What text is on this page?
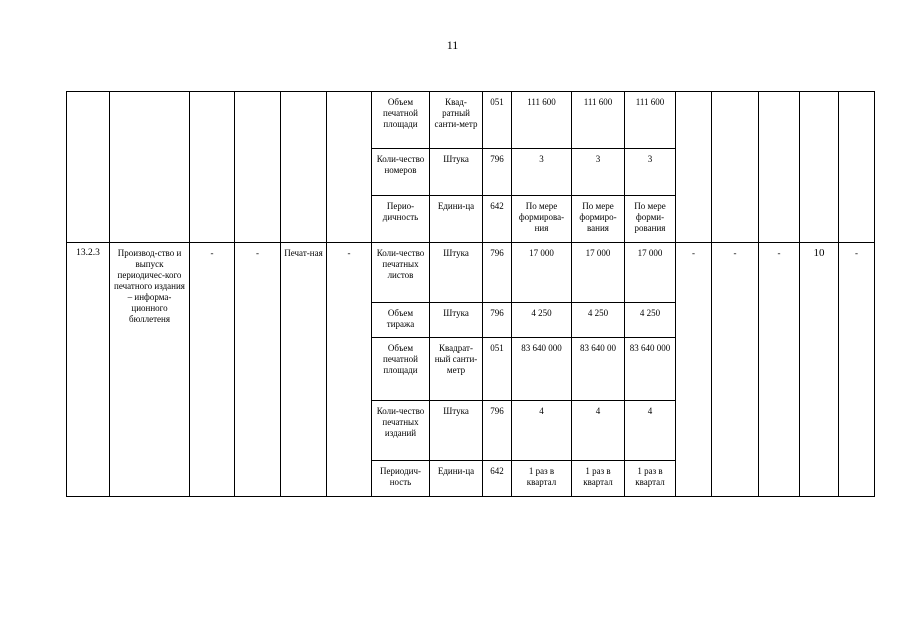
11
						Объем печатной площади	Квад-ратный санти-метр	051	111 600	111 600	111 600					
						Коли-чество номеров	Штука	796	3	3	3					
						Перио-дичность	Едини-ца	642	По мере формирова-ния	По мере формиро-вания	По мере форми-рования					
13.2.3	Производ-ство и выпуск периодичес-кого печатного издания – информа-ционного бюллетеня	-	-	Печат-ная	-	Коли-чество печатных листов	Штука	796	17 000	17 000	17 000	-	-	-	10	-
						Объем тиража	Штука	796	4 250	4 250	4 250					
						Объем печатной площади	Квадрат-ный санти-метр	051	83 640 000	83 640 00	83 640 000					
						Коли-чество печатных изданий	Штука	796	4	4	4					
						Периодич-ность	Едини-ца	642	1 раз в квартал	1 раз в квартал	1 раз в квартал					
